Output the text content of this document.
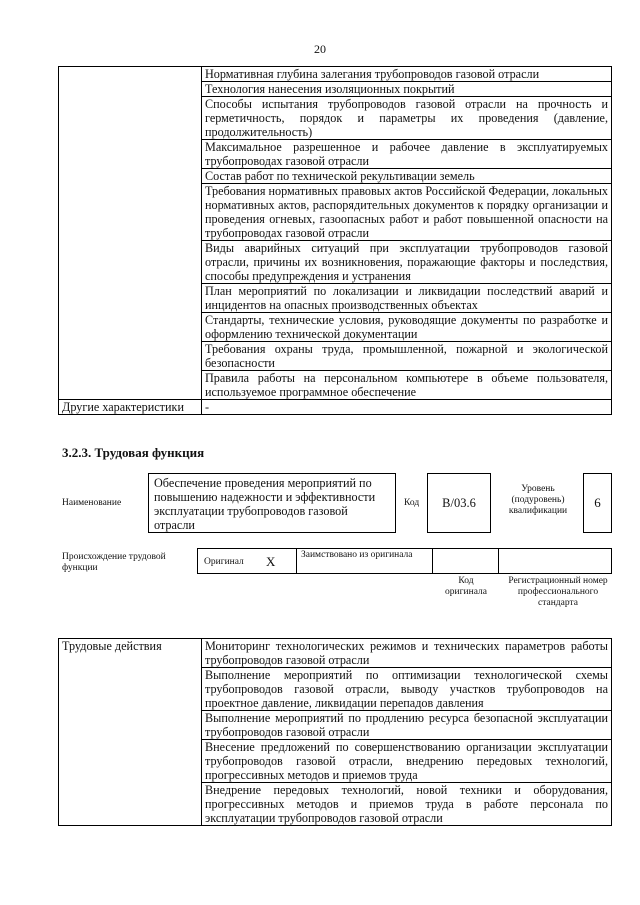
20
	Нормативная глубина залегания трубопроводов газовой отрасли
	Технология нанесения изоляционных покрытий
	Способы испытания трубопроводов газовой отрасли на прочность и герметичность, порядок и параметры их проведения (давление, продолжительность)
	Максимальное разрешенное и рабочее давление в эксплуатируемых трубопроводах газовой отрасли
	Состав работ по технической рекультивации земель
	Требования нормативных правовых актов Российской Федерации, локальных нормативных актов, распорядительных документов к порядку организации и проведения огневых, газоопасных работ и работ повышенной опасности на трубопроводах газовой отрасли
	Виды аварийных ситуаций при эксплуатации трубопроводов газовой отрасли, причины их возникновения, поражающие факторы и последствия, способы предупреждения и устранения
	План мероприятий по локализации и ликвидации последствий аварий и инцидентов на опасных производственных объектах
	Стандарты, технические условия, руководящие документы по разработке и оформлению технической документации
	Требования охраны труда, промышленной, пожарной и экологической безопасности
	Правила работы на персональном компьютере в объеме пользователя, используемое программное обеспечение
Другие характеристики	-
3.2.3. Трудовая функция
Наименование
Обеспечение проведения мероприятий по повышению надежности и эффективности эксплуатации трубопроводов газовой отрасли
Код	B/03.6
Уровень (подуровень) квалификации
6
Происхождение трудовой функции
Оригинал X	Заимствовано из оригинала
Код оригинала
Регистрационный номер профессионального стандарта
Трудовые действия	Мониторинг технологических режимов и технических параметров работы трубопроводов газовой отрасли
Выполнение мероприятий по оптимизации технологической схемы трубопроводов газовой отрасли, выводу участков трубопроводов на проектное давление, ликвидации перепадов давления
Выполнение мероприятий по продлению ресурса безопасной эксплуатации трубопроводов газовой отрасли
Внесение предложений по совершенствованию организации эксплуатации трубопроводов газовой отрасли, внедрению передовых технологий, прогрессивных методов и приемов труда
Внедрение передовых технологий, новой техники и оборудования, прогрессивных методов и приемов труда в работе персонала по эксплуатации трубопроводов газовой отрасли
